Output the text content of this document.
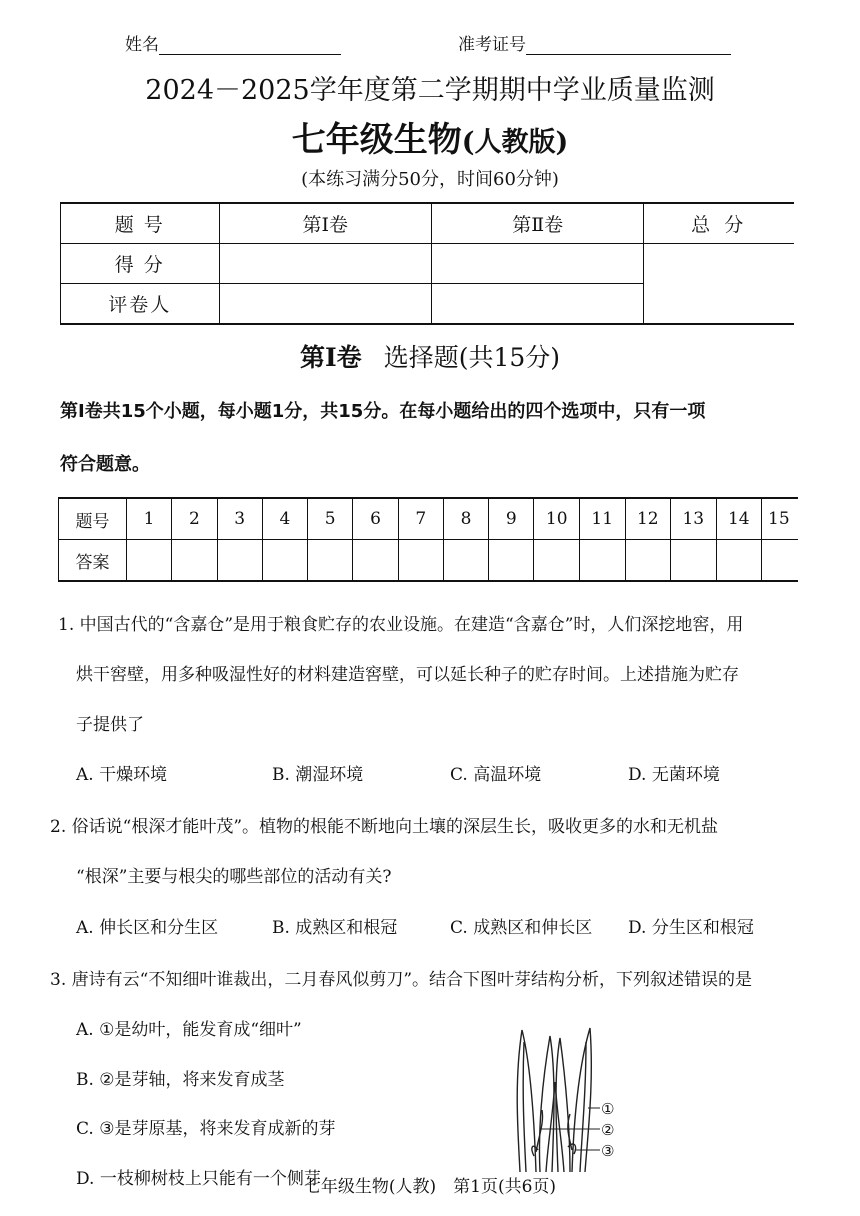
姓名	准考证号
2024－2025学年度第二学期期中学业质量监测
七年级生物(人教版)
(本练习满分50分，时间60分钟)
题 号	第Ⅰ卷	第Ⅱ卷	总 分
得 分			
评卷人			
第Ⅰ卷 选择题(共15分)
第Ⅰ卷共15个小题，每小题1分，共15分。在每小题给出的四个选项中，只有一项
符合题意。
题号	1	2	3	4	5	6	7	8	9	10	11	12	13	14	15
答案															
1. 中国古代的“含嘉仓”是用于粮食贮存的农业设施。在建造“含嘉仓”时，人们深挖地窖，用
烘干窖壁，用多种吸湿性好的材料建造窖壁，可以延长种子的贮存时间。上述措施为贮存
子提供了
A. 干燥环境	B. 潮湿环境	C. 高温环境	D. 无菌环境
2. 俗话说“根深才能叶茂”。植物的根能不断地向土壤的深层生长，吸收更多的水和无机盐
“根深”主要与根尖的哪些部位的活动有关?
A. 伸长区和分生区	B. 成熟区和根冠	C. 成熟区和伸长区 D. 分生区和根冠
3. 唐诗有云“不知细叶谁裁出，二月春风似剪刀”。结合下图叶芽结构分析，下列叙述错误的是
A. ①是幼叶，能发育成“细叶”
B. ②是芽轴，将来发育成茎
C. ③是芽原基，将来发育成新的芽
D. 一枝柳树枝上只能有一个侧芽
①
②
③
七年级生物(人教)　第1页(共6页)
